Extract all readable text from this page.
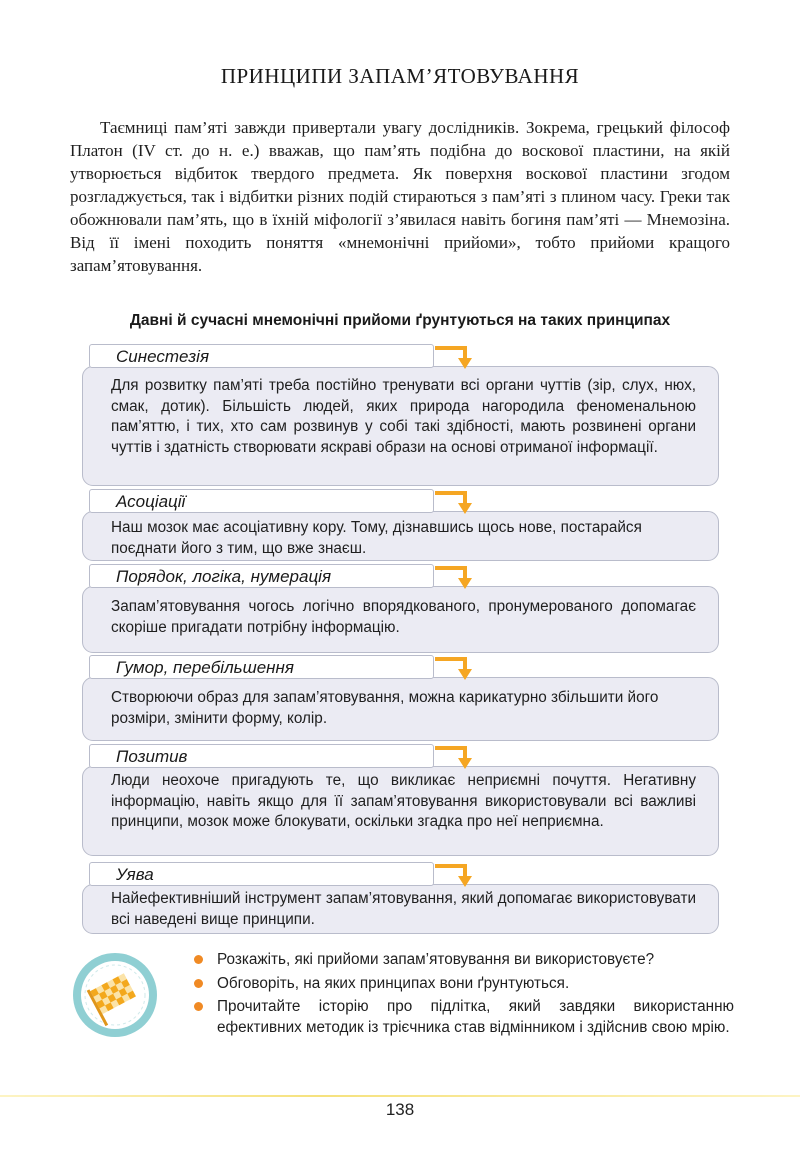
ПРИНЦИПИ ЗАПАМ’ЯТОВУВАННЯ

Таємниці пам’яті завжди привертали увагу дослідників. Зокрема, грецький філософ Платон (IV ст. до н. е.) вважав, що пам’ять подібна до воскової пластини, на якій утворюється відбиток твердого предмета. Як поверхня воскової пластини згодом розгладжується, так і відбитки різних подій стираються з пам’яті з плином часу. Греки так обожнювали пам’ять, що в їхній міфології з’явилася навіть богиня пам’яті — Мнемозіна. Від її імені походить поняття «мнемонічні прийоми», тобто прийоми кращого запам’ятовування.

Давні й сучасні мнемонічні прийоми ґрунтуються на таких принципах
Синестезія
Для розвитку пам’яті треба постійно тренувати всі органи чуттів (зір, слух, нюх, смак, дотик). Більшість людей, яких природа нагородила феноменальною пам’яттю, і тих, хто сам розвинув у собі такі здібності, мають розвинені органи чуттів і здатність створювати яскраві образи на основі отриманої інформації.
Асоціації
Наш мозок має асоціативну кору. Тому, дізнавшись щось нове, постарайся поєднати його з тим, що вже знаєш.
Порядок, логіка, нумерація
Запам’ятовування чогось логічно впорядкованого, пронумерованого допомагає скоріше пригадати потрібну інформацію.
Гумор, перебільшення
Створюючи образ для запам’ятовування, можна карикатурно збільшити його розміри, змінити форму, колір.
Позитив
Люди неохоче пригадують те, що викликає неприємні почуття. Негативну інформацію, навіть якщо для її запам’ятовування використовували всі важливі принципи, мозок може блокувати, оскільки згадка про неї неприємна.
Уява
Найефективніший інструмент запам’ятовування, який допомагає використовувати всі наведені вище принципи.
Розкажіть, які прийоми запам’ятовування ви використовуєте?
Обговоріть, на яких принципах вони ґрунтуються.
Прочитайте історію про підлітка, який завдяки використанню ефективних методик із трієчника став відмінником і здійснив свою мрію.
138
